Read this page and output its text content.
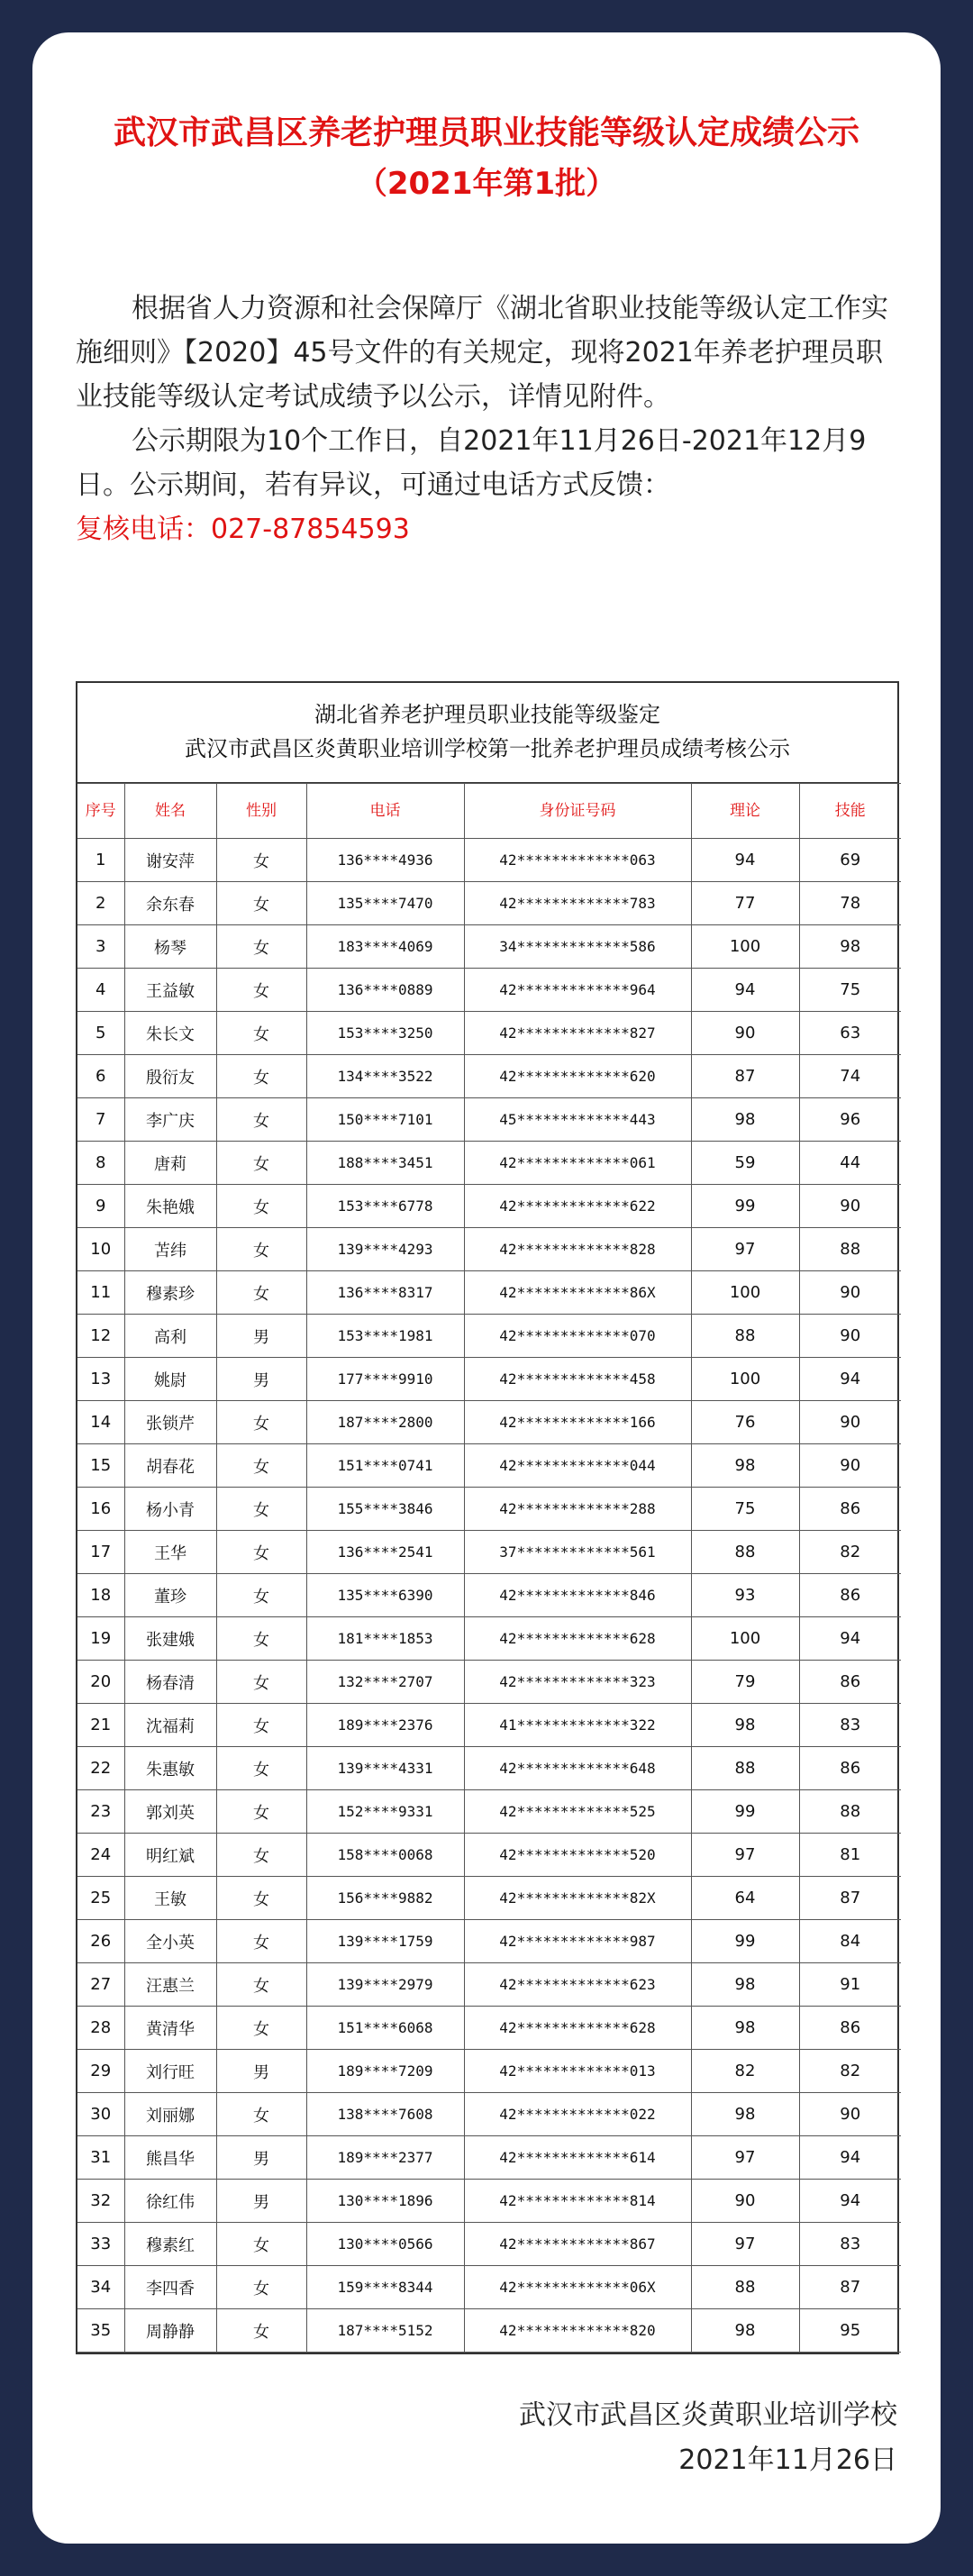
武汉市武昌区养老护理员职业技能等级认定成绩公示
（2021年第1批）

根据省人力资源和社会保障厅《湖北省职业技能等级认定工作实施细则》【2020】45号文件的有关规定，现将2021年养老护理员职业技能等级认定考试成绩予以公示，详情见附件。

公示期限为10个工作日，自2021年11月26日-2021年12月9日。公示期间，若有异议，可通过电话方式反馈：

复核电话：027-87854593

湖北省养老护理员职业技能等级鉴定
武汉市武昌区炎黄职业培训学校第一批养老护理员成绩考核公示
序号	姓名	性别	电话	身份证号码	理论	技能
1	谢安萍	女	136****4936	42*************063	94	69
2	余东春	女	135****7470	42*************783	77	78
3	杨琴	女	183****4069	34*************586	100	98
4	王益敏	女	136****0889	42*************964	94	75
5	朱长文	女	153****3250	42*************827	90	63
6	殷衍友	女	134****3522	42*************620	87	74
7	李广庆	女	150****7101	45*************443	98	96
8	唐莉	女	188****3451	42*************061	59	44
9	朱艳娥	女	153****6778	42*************622	99	90
10	苫纬	女	139****4293	42*************828	97	88
11	穆素珍	女	136****8317	42*************86X	100	90
12	高利	男	153****1981	42*************070	88	90
13	姚尉	男	177****9910	42*************458	100	94
14	张锁芹	女	187****2800	42*************166	76	90
15	胡春花	女	151****0741	42*************044	98	90
16	杨小青	女	155****3846	42*************288	75	86
17	王华	女	136****2541	37*************561	88	82
18	董珍	女	135****6390	42*************846	93	86
19	张建娥	女	181****1853	42*************628	100	94
20	杨春清	女	132****2707	42*************323	79	86
21	沈福莉	女	189****2376	41*************322	98	83
22	朱惠敏	女	139****4331	42*************648	88	86
23	郭刘英	女	152****9331	42*************525	99	88
24	明红斌	女	158****0068	42*************520	97	81
25	王敏	女	156****9882	42*************82X	64	87
26	全小英	女	139****1759	42*************987	99	84
27	汪惠兰	女	139****2979	42*************623	98	91
28	黄清华	女	151****6068	42*************628	98	86
29	刘行旺	男	189****7209	42*************013	82	82
30	刘丽娜	女	138****7608	42*************022	98	90
31	熊昌华	男	189****2377	42*************614	97	94
32	徐红伟	男	130****1896	42*************814	90	94
33	穆素红	女	130****0566	42*************867	97	83
34	李四香	女	159****8344	42*************06X	88	87
35	周静静	女	187****5152	42*************820	98	95
武汉市武昌区炎黄职业培训学校
2021年11月26日
